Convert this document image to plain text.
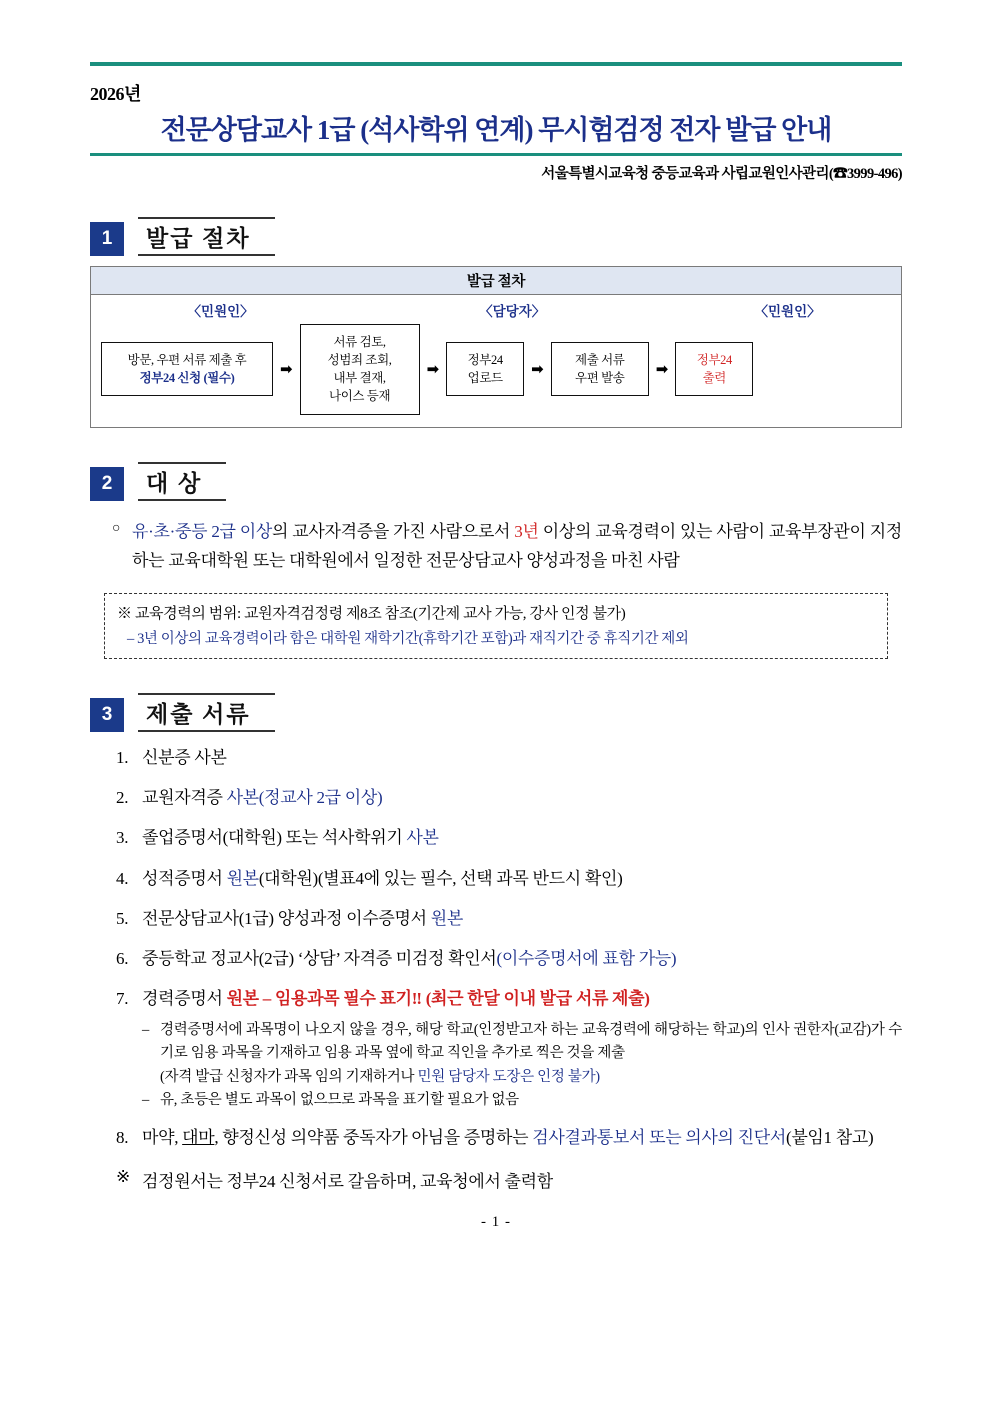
2026년
전문상담교사 1급 (석사학위 연계) 무시험검정 전자 발급 안내
서울특별시교육청 중등교육과 사립교원인사관리(☎3999-496)
1	발급 절차
발급 절차
〈민원인〉	〈담당자〉	〈민원인〉
방문, 우편 서류 제출 후
정부24 신청 (필수)
➡
서류 검토,
성범죄 조회,
내부 결재,
나이스 등재
➡	정부24
업로드
➡	제출 서류
우편 발송
➡	정부24
출력
2	대 상
○ 유·초·중등 2급 이상의 교사자격증을 가진 사람으로서 3년 이상의 교육경력이 있는 사람이 교육부장관이 지정하는 교육대학원 또는 대학원에서 일정한 전문상담교사 양성과정을 마친 사람
※ 교육경력의 범위: 교원자격검정령 제8조 참조(기간제 교사 가능, 강사 인정 불가)
– 3년 이상의 교육경력이라 함은 대학원 재학기간(휴학기간 포함)과 재직기간 중 휴직기간 제외
3	제출 서류
1. 신분증 사본
2. 교원자격증 사본(정교사 2급 이상)
3. 졸업증명서(대학원) 또는 석사학위기 사본
4. 성적증명서 원본(대학원)(별표4에 있는 필수, 선택 과목 반드시 확인)
5. 전문상담교사(1급) 양성과정 이수증명서 원본
6. 중등학교 정교사(2급) ‘상담’ 자격증 미검정 확인서(이수증명서에 표함 가능)
7. 경력증명서 원본 – 임용과목 필수 표기‼ (최근 한달 이내 발급 서류 제출)
– 경력증명서에 과목명이 나오지 않을 경우, 해당 학교(인정받고자 하는 교육경력에 해당하는 학교)의 인사 권한자(교감)가 수기로 임용 과목을 기재하고 임용 과목 옆에 학교 직인을 추가로 찍은 것을 제출
(자격 발급 신청자가 과목 임의 기재하거나 민원 담당자 도장은 인정 불가)
– 유, 초등은 별도 과목이 없으므로 과목을 표기할 필요가 없음
8. 마약, 대마, 향정신성 의약품 중독자가 아님을 증명하는 검사결과통보서 또는 의사의 진단서(붙임1 참고)
※ 검정원서는 정부24 신청서로 갈음하며, 교육청에서 출력함
- 1 -
